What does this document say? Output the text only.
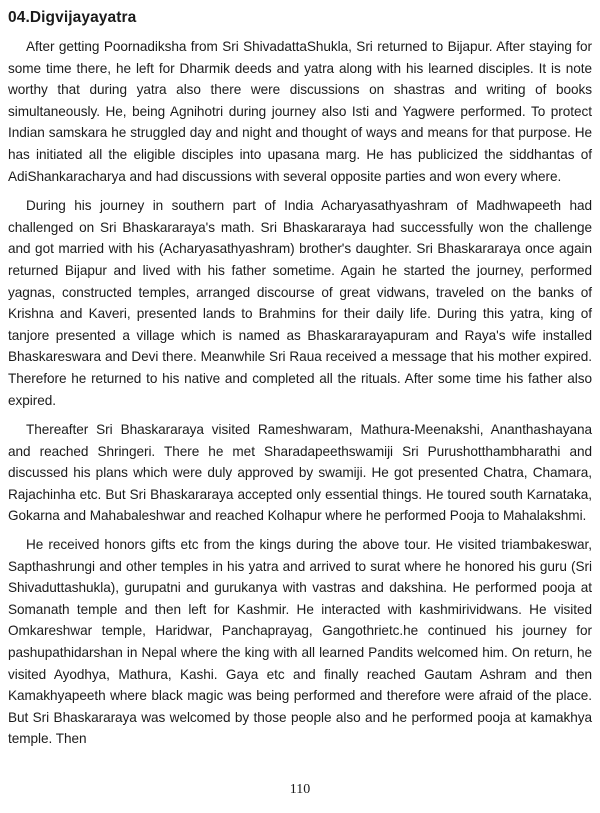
04.Digvijayayatra

After getting Poornadiksha from Sri ShivadattaShukla, Sri returned to Bijapur. After staying for some time there, he left for Dharmik deeds and yatra along with his learned disciples. It is note worthy that during yatra also there were discussions on shastras and writing of books simultaneously. He, being Agnihotri during journey also Isti and Yagwere performed. To protect Indian samskara he struggled day and night and thought of ways and means for that purpose. He has initiated all the eligible disciples into upasana marg. He has publicized the siddhantas of AdiShankaracharya and had discussions with several opposite parties and won every where.

During his journey in southern part of India Acharyasathyashram of Madhwapeeth had challenged on Sri Bhaskararaya's math. Sri Bhaskararaya had successfully won the challenge and got married with his (Acharyasathyashram) brother's daughter. Sri Bhaskararaya once again returned Bijapur and lived with his father sometime. Again he started the journey, performed yagnas, constructed temples, arranged discourse of great vidwans, traveled on the banks of Krishna and Kaveri, presented lands to Brahmins for their daily life. During this yatra, king of tanjore presented a village which is named as Bhaskararayapuram and Raya's wife installed Bhaskareswara and Devi there. Meanwhile Sri Raua received a message that his mother expired. Therefore he returned to his native and completed all the rituals. After some time his father also expired.

Thereafter Sri Bhaskararaya visited Rameshwaram, Mathura-Meenakshi, Ananthashayana and reached Shringeri. There he met Sharadapeethswamiji Sri Purushotthambharathi and discussed his plans which were duly approved by swamiji. He got presented Chatra, Chamara, Rajachinha etc. But Sri Bhaskararaya accepted only essential things. He toured south Karnataka, Gokarna and Mahabaleshwar and reached Kolhapur where he performed Pooja to Mahalakshmi.

He received honors gifts etc from the kings during the above tour. He visited triambakeswar, Sapthashrungi and other temples in his yatra and arrived to surat where he honored his guru (Sri Shivaduttashukla), gurupatni and gurukanya with vastras and dakshina. He performed pooja at Somanath temple and then left for Kashmir. He interacted with kashmirividwans. He visited Omkareshwar temple, Haridwar, Panchaprayag, Gangothrietc.he continued his journey for pashupathidarshan in Nepal where the king with all learned Pandits welcomed him. On return, he visited Ayodhya, Mathura, Kashi. Gaya etc and finally reached Gautam Ashram and then Kamakhyapeeth where black magic was being performed and therefore were afraid of the place. But Sri Bhaskararaya was welcomed by those people also and he performed pooja at kamakhya temple. Then

110
